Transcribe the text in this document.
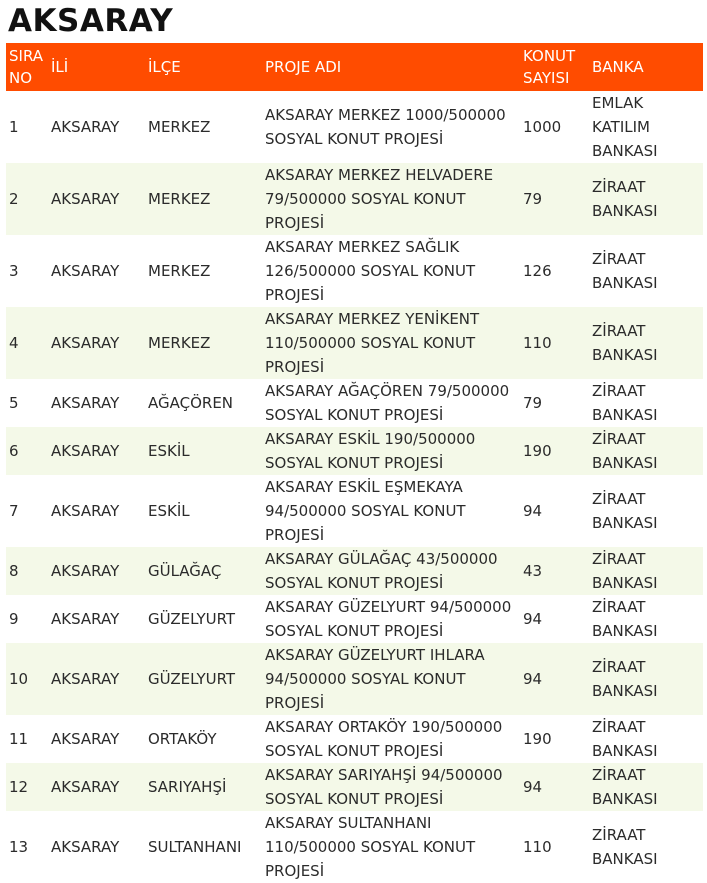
AKSARAY
SIRA NO	İLİ	İLÇE	PROJE ADI	KONUT SAYISI	BANKA
1	AKSARAY	MERKEZ	AKSARAY MERKEZ 1000/500000 SOSYAL KONUT PROJESİ	1000	EMLAK KATILIM BANKASI
2	AKSARAY	MERKEZ	AKSARAY MERKEZ HELVADERE 79/500000 SOSYAL KONUT PROJESİ	79	ZİRAAT BANKASI
3	AKSARAY	MERKEZ	AKSARAY MERKEZ SAĞLIK 126/500000 SOSYAL KONUT PROJESİ	126	ZİRAAT BANKASI
4	AKSARAY	MERKEZ	AKSARAY MERKEZ YENİKENT 110/500000 SOSYAL KONUT PROJESİ	110	ZİRAAT BANKASI
5	AKSARAY	AĞAÇÖREN	AKSARAY AĞAÇÖREN 79/500000 SOSYAL KONUT PROJESİ	79	ZİRAAT BANKASI
6	AKSARAY	ESKİL	AKSARAY ESKİL 190/500000 SOSYAL KONUT PROJESİ	190	ZİRAAT BANKASI
7	AKSARAY	ESKİL	AKSARAY ESKİL EŞMEKAYA 94/500000 SOSYAL KONUT PROJESİ	94	ZİRAAT BANKASI
8	AKSARAY	GÜLAĞAÇ	AKSARAY GÜLAĞAÇ 43/500000 SOSYAL KONUT PROJESİ	43	ZİRAAT BANKASI
9	AKSARAY	GÜZELYURT	AKSARAY GÜZELYURT 94/500000 SOSYAL KONUT PROJESİ	94	ZİRAAT BANKASI
10	AKSARAY	GÜZELYURT	AKSARAY GÜZELYURT IHLARA 94/500000 SOSYAL KONUT PROJESİ	94	ZİRAAT BANKASI
11	AKSARAY	ORTAKÖY	AKSARAY ORTAKÖY 190/500000 SOSYAL KONUT PROJESİ	190	ZİRAAT BANKASI
12	AKSARAY	SARIYAHŞİ	AKSARAY SARIYAHŞİ 94/500000 SOSYAL KONUT PROJESİ	94	ZİRAAT BANKASI
13	AKSARAY	SULTANHANI	AKSARAY SULTANHANI 110/500000 SOSYAL KONUT PROJESİ	110	ZİRAAT BANKASI
